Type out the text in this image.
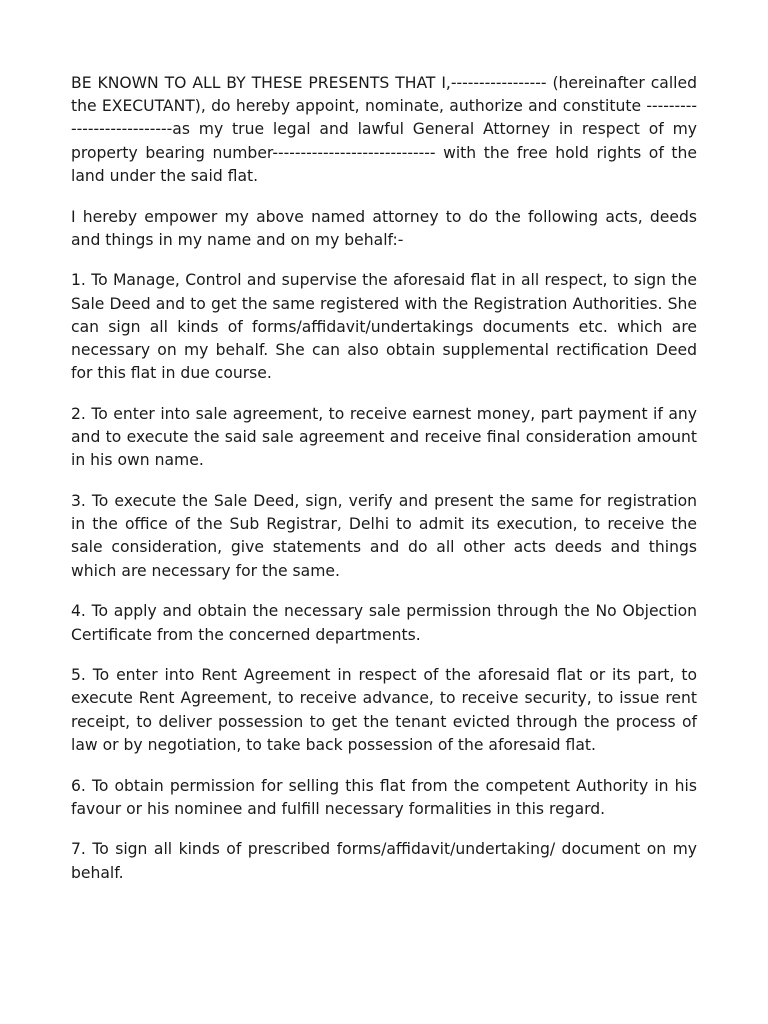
BE KNOWN TO ALL BY THESE PRESENTS THAT I,----------------- (hereinafter called the EXECUTANT), do hereby appoint, nominate, authorize and constitute ---------------------------as my true legal and lawful General Attorney in respect of my property bearing number----------------------------- with the free hold rights of the land under the said flat.

I hereby empower my above named attorney to do the following acts, deeds and things in my name and on my behalf:-

1. To Manage, Control and supervise the aforesaid flat in all respect, to sign the Sale Deed and to get the same registered with the Registration Authorities. She can sign all kinds of forms/affidavit/undertakings documents etc. which are necessary on my behalf. She can also obtain supplemental rectification Deed for this flat in due course.

2. To enter into sale agreement, to receive earnest money, part payment if any and to execute the said sale agreement and receive final consideration amount in his own name.

3. To execute the Sale Deed, sign, verify and present the same for registration in the office of the Sub Registrar, Delhi to admit its execution, to receive the sale consideration, give statements and do all other acts deeds and things which are necessary for the same.

4. To apply and obtain the necessary sale permission through the No Objection Certificate from the concerned departments.

5. To enter into Rent Agreement in respect of the aforesaid flat or its part, to execute Rent Agreement, to receive advance, to receive security, to issue rent receipt, to deliver possession to get the tenant evicted through the process of law or by negotiation, to take back possession of the aforesaid flat.

6. To obtain permission for selling this flat from the competent Authority in his favour or his nominee and fulfill necessary formalities in this regard.

7. To sign all kinds of prescribed forms/affidavit/undertaking/ document on my behalf.
